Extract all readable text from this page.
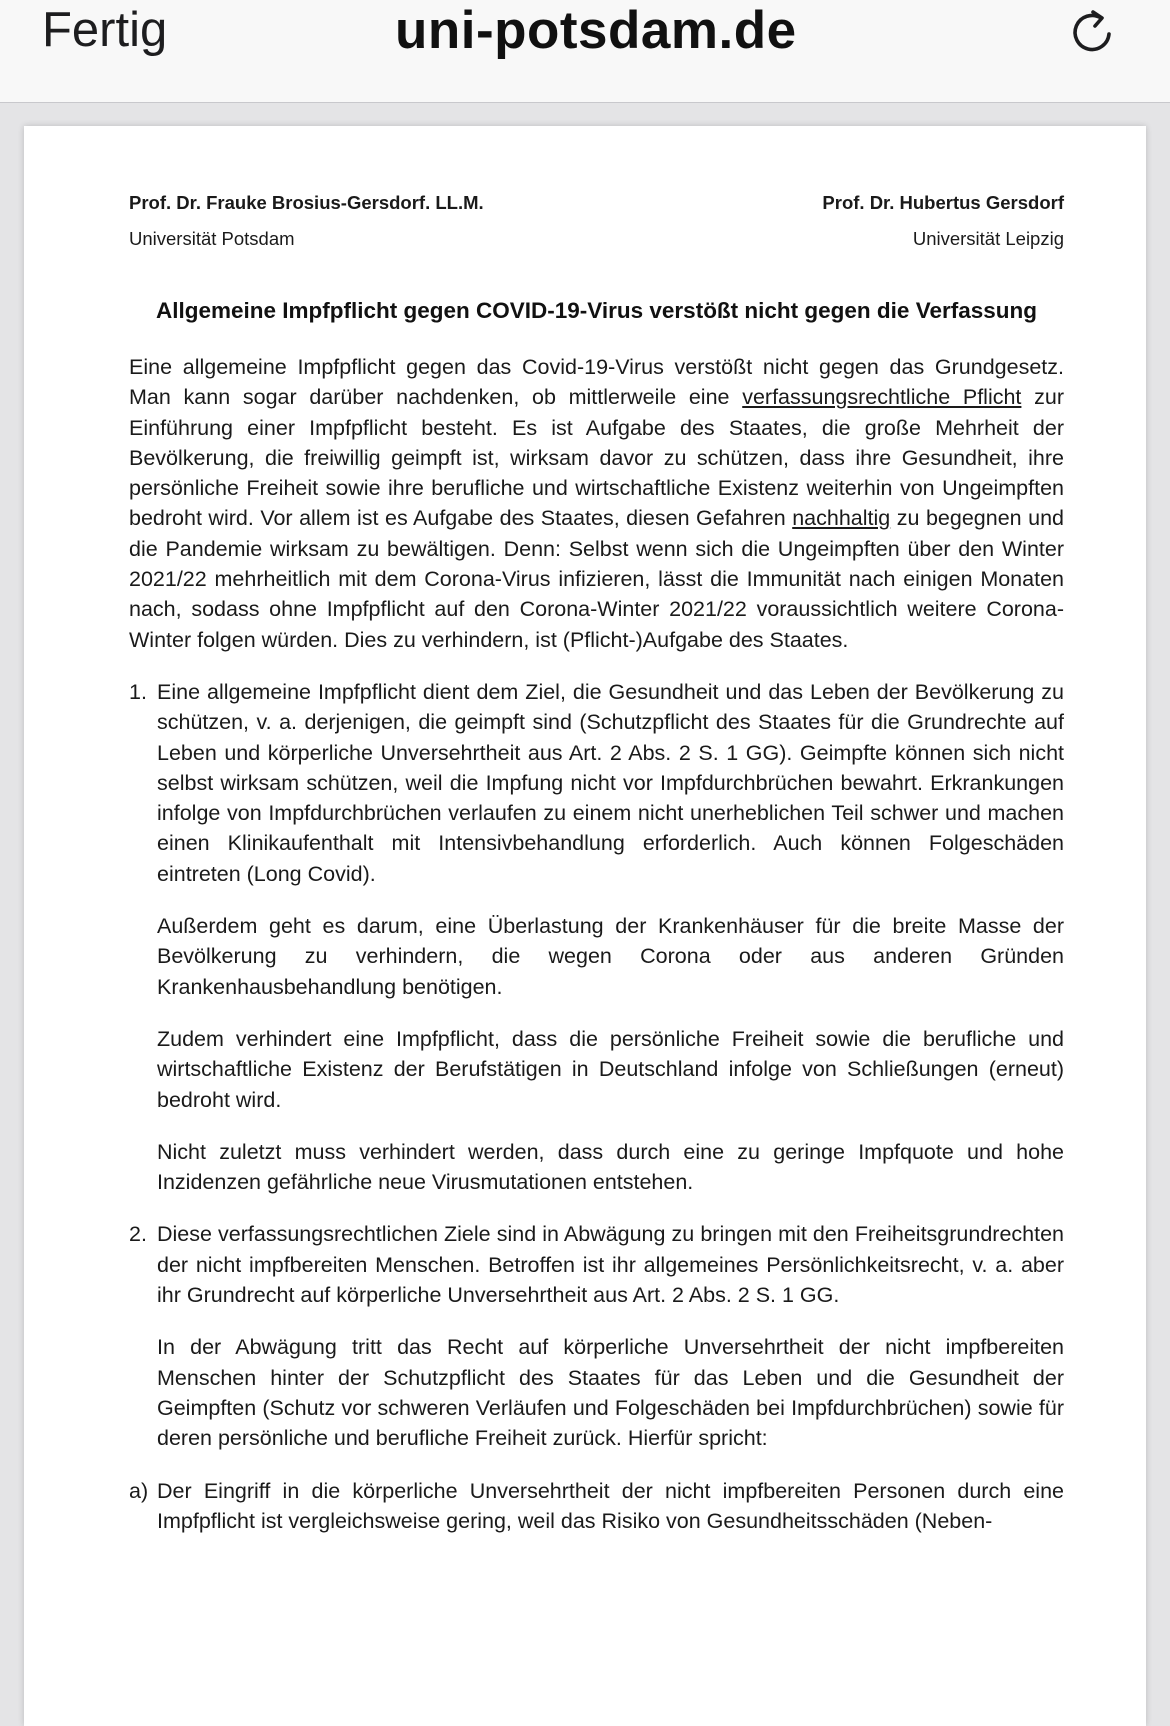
Fertig	uni-potsdam.de
Prof. Dr. Frauke Brosius-Gersdorf. LL.M.
Universität Potsdam
Prof. Dr. Hubertus Gersdorf
Universität Leipzig
Allgemeine Impfpflicht gegen COVID-19-Virus verstößt nicht gegen die Verfassung

Eine allgemeine Impfpflicht gegen das Covid-19-Virus verstößt nicht gegen das Grundgesetz. Man kann sogar darüber nachdenken, ob mittlerweile eine verfassungsrechtliche Pflicht zur Einführung einer Impfpflicht besteht. Es ist Aufgabe des Staates, die große Mehrheit der Bevölkerung, die freiwillig geimpft ist, wirksam davor zu schützen, dass ihre Gesundheit, ihre persönliche Freiheit sowie ihre berufliche und wirtschaftliche Existenz weiterhin von Ungeimpften bedroht wird. Vor allem ist es Aufgabe des Staates, diesen Gefahren nachhaltig zu begegnen und die Pandemie wirksam zu bewältigen. Denn: Selbst wenn sich die Ungeimpften über den Winter 2021/22 mehrheitlich mit dem Corona-Virus infizieren, lässt die Immunität nach einigen Monaten nach, sodass ohne Impfpflicht auf den Corona-Winter 2021/22 voraussichtlich weitere Corona-Winter folgen würden. Dies zu verhindern, ist (Pflicht-)Aufgabe des Staates.

1. Eine allgemeine Impfpflicht dient dem Ziel, die Gesundheit und das Leben der Bevölkerung zu schützen, v. a. derjenigen, die geimpft sind (Schutzpflicht des Staates für die Grundrechte auf Leben und körperliche Unversehrtheit aus Art. 2 Abs. 2 S. 1 GG). Geimpfte können sich nicht selbst wirksam schützen, weil die Impfung nicht vor Impfdurchbrüchen bewahrt. Erkrankungen infolge von Impfdurchbrüchen verlaufen zu einem nicht unerheblichen Teil schwer und machen einen Klinikaufenthalt mit Intensivbehandlung erforderlich. Auch können Folgeschäden eintreten (Long Covid).
Außerdem geht es darum, eine Überlastung der Krankenhäuser für die breite Masse der Bevölkerung zu verhindern, die wegen Corona oder aus anderen Gründen Krankenhausbehandlung benötigen.
Zudem verhindert eine Impfpflicht, dass die persönliche Freiheit sowie die berufliche und wirtschaftliche Existenz der Berufstätigen in Deutschland infolge von Schließungen (erneut) bedroht wird.
Nicht zuletzt muss verhindert werden, dass durch eine zu geringe Impfquote und hohe Inzidenzen gefährliche neue Virusmutationen entstehen.
2. Diese verfassungsrechtlichen Ziele sind in Abwägung zu bringen mit den Freiheitsgrundrechten der nicht impfbereiten Menschen. Betroffen ist ihr allgemeines Persönlichkeitsrecht, v. a. aber ihr Grundrecht auf körperliche Unversehrtheit aus Art. 2 Abs. 2 S. 1 GG.
In der Abwägung tritt das Recht auf körperliche Unversehrtheit der nicht impfbereiten Menschen hinter der Schutzpflicht des Staates für das Leben und die Gesundheit der Geimpften (Schutz vor schweren Verläufen und Folgeschäden bei Impfdurchbrüchen) sowie für deren persönliche und berufliche Freiheit zurück. Hierfür spricht:
a) Der Eingriff in die körperliche Unversehrtheit der nicht impfbereiten Personen durch eine Impfpflicht ist vergleichsweise gering, weil das Risiko von Gesundheitsschäden (Neben-
